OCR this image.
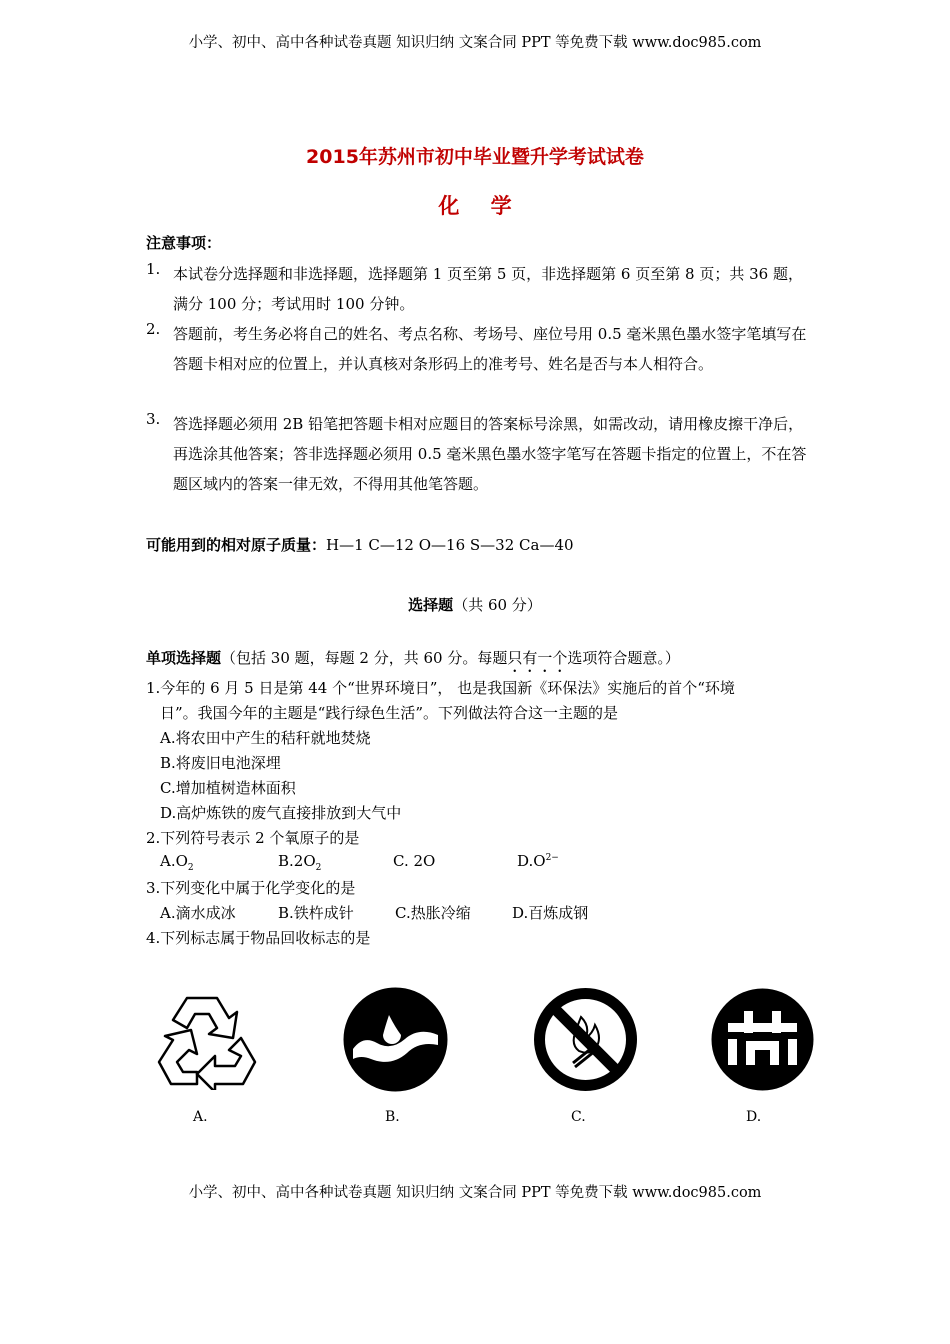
小学、初中、高中各种试卷真题 知识归纳 文案合同 PPT 等免费下载 www.doc985.com
2015年苏州市初中毕业暨升学考试试卷
化 学
注意事项：
1. 本试卷分选择题和非选择题，选择题第 1 页至第 5 页，非选择题第 6 页至第 8 页；共 36 题，满分 100 分；考试用时 100 分钟。
2. 答题前，考生务必将自己的姓名、考点名称、考场号、座位号用 0.5 毫米黑色墨水签字笔填写在答题卡相对应的位置上，并认真核对条形码上的准考号、姓名是否与本人相符合。
3. 答选择题必须用 2B 铅笔把答题卡相对应题目的答案标号涂黑，如需改动，请用橡皮擦干净后，再选涂其他答案；答非选择题必须用 0.5 毫米黑色墨水签字笔写在答题卡指定的位置上，不在答题区域内的答案一律无效，不得用其他笔答题。
可能用到的相对原子质量：H—1 C—12 O—16 S—32 Ca—40
选择题（共 60 分）
单项选择题（包括 30 题，每题 2 分，共 60 分。每题只有一个选项符合题意。）
1.今年的 6 月 5 日是第 44 个“世界环境日”， 也是我国新《环保法》实施后的首个“环境
日”。我国今年的主题是“践行绿色生活”。下列做法符合这一主题的是
A.将农田中产生的秸秆就地焚烧
B.将废旧电池深埋
C.增加植树造林面积
D.高炉炼铁的废气直接排放到大气中
2.下列符号表示 2 个氧原子的是
$A.O_2$	$B.2O_2$	C. 2O	$D.O^{2-}$
3.下列变化中属于化学变化的是
A.滴水成冰	B.铁杵成针	C.热胀冷缩	D.百炼成钢
4.下列标志属于物品回收标志的是
A.	B.	C.	D.
小学、初中、高中各种试卷真题 知识归纳 文案合同 PPT 等免费下载 www.doc985.com
